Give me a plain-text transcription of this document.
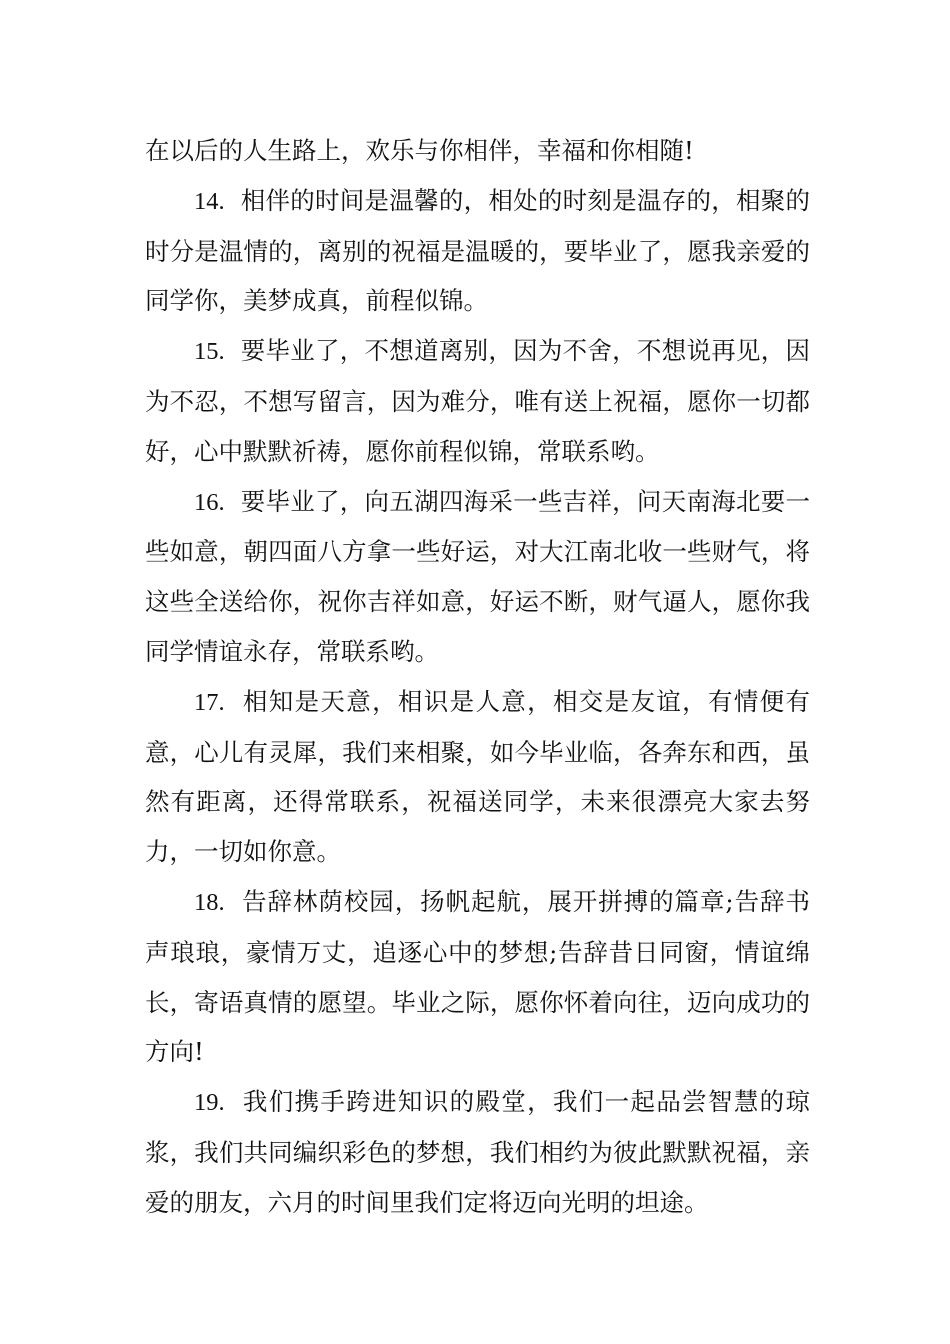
在以后的人生路上，欢乐与你相伴，幸福和你相随!

14. 相伴的时间是温馨的，相处的时刻是温存的，相聚的时分是温情的，离别的祝福是温暖的，要毕业了，愿我亲爱的同学你，美梦成真，前程似锦。

15. 要毕业了，不想道离别，因为不舍，不想说再见，因为不忍，不想写留言，因为难分，唯有送上祝福，愿你一切都好，心中默默祈祷，愿你前程似锦，常联系哟。

16. 要毕业了，向五湖四海采一些吉祥，问天南海北要一些如意，朝四面八方拿一些好运，对大江南北收一些财气，将这些全送给你，祝你吉祥如意，好运不断，财气逼人，愿你我同学情谊永存，常联系哟。

17. 相知是天意，相识是人意，相交是友谊，有情便有意，心儿有灵犀，我们来相聚，如今毕业临，各奔东和西，虽然有距离，还得常联系，祝福送同学，未来很漂亮大家去努力，一切如你意。

18. 告辞林荫校园，扬帆起航，展开拼搏的篇章;告辞书声琅琅，豪情万丈，追逐心中的梦想;告辞昔日同窗，情谊绵长，寄语真情的愿望。毕业之际，愿你怀着向往，迈向成功的方向!

19. 我们携手跨进知识的殿堂，我们一起品尝智慧的琼浆，我们共同编织彩色的梦想，我们相约为彼此默默祝福，亲爱的朋友，六月的时间里我们定将迈向光明的坦途。
